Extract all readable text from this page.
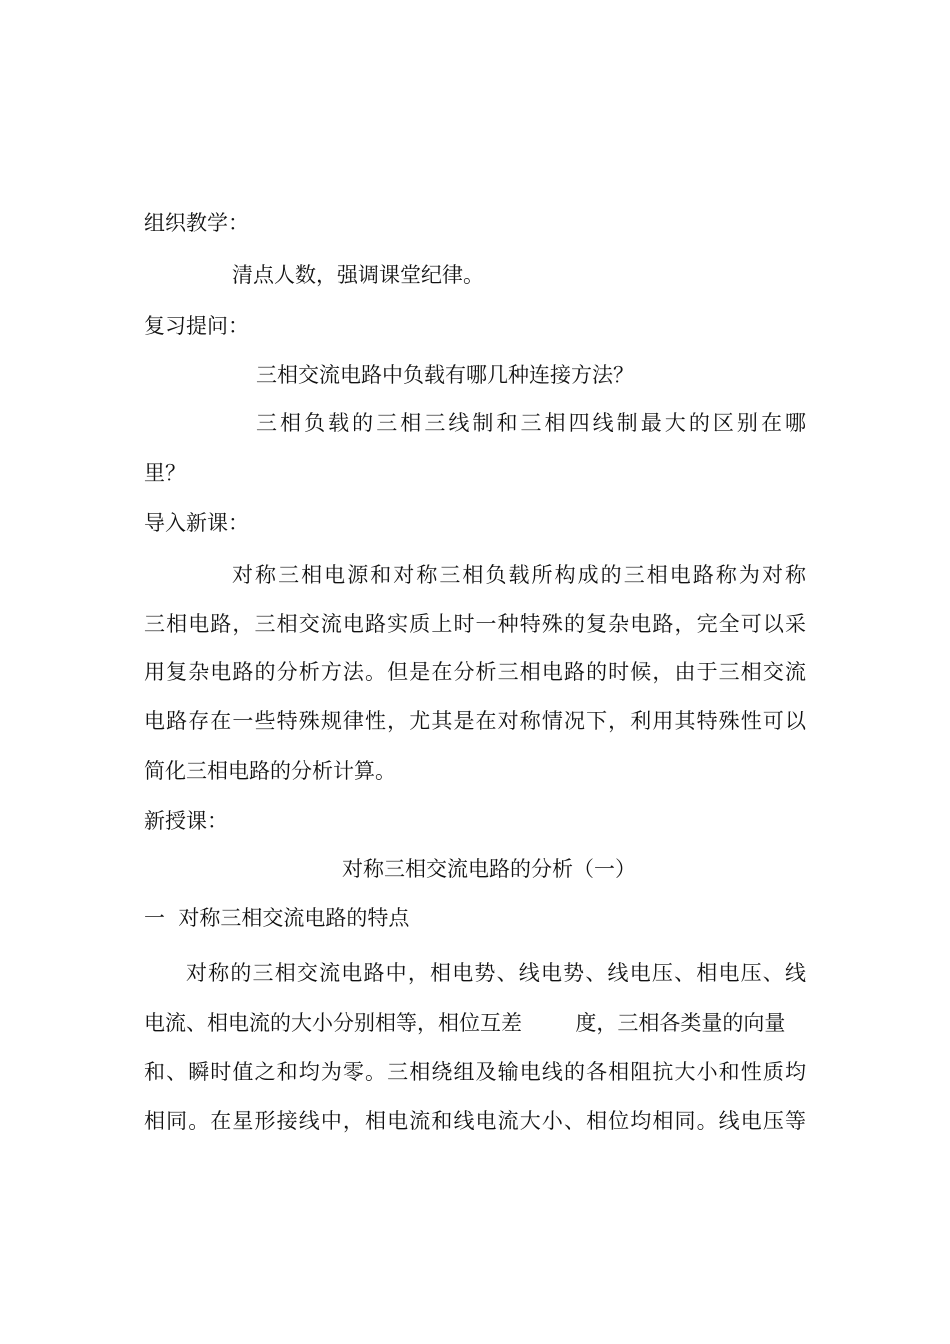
组织教学：
清点人数，强调课堂纪律。
复习提问：
三相交流电路中负载有哪几种连接方法？
三相负载的三相三线制和三相四线制最大的区别在哪
里？
导入新课：
对称三相电源和对称三相负载所构成的三相电路称为对称
三相电路，三相交流电路实质上时一种特殊的复杂电路，完全可以采
用复杂电路的分析方法。但是在分析三相电路的时候，由于三相交流
电路存在一些特殊规律性，尤其是在对称情况下，利用其特殊性可以
简化三相电路的分析计算。
新授课：
对称三相交流电路的分析（一）
一  对称三相交流电路的特点
对称的三相交流电路中，相电势、线电势、线电压、相电压、线
电流、相电流的大小分别相等，相位互差        度，三相各类量的向量
和、瞬时值之和均为零。三相绕组及输电线的各相阻抗大小和性质均
相同。在星形接线中，相电流和线电流大小、相位均相同。线电压等
